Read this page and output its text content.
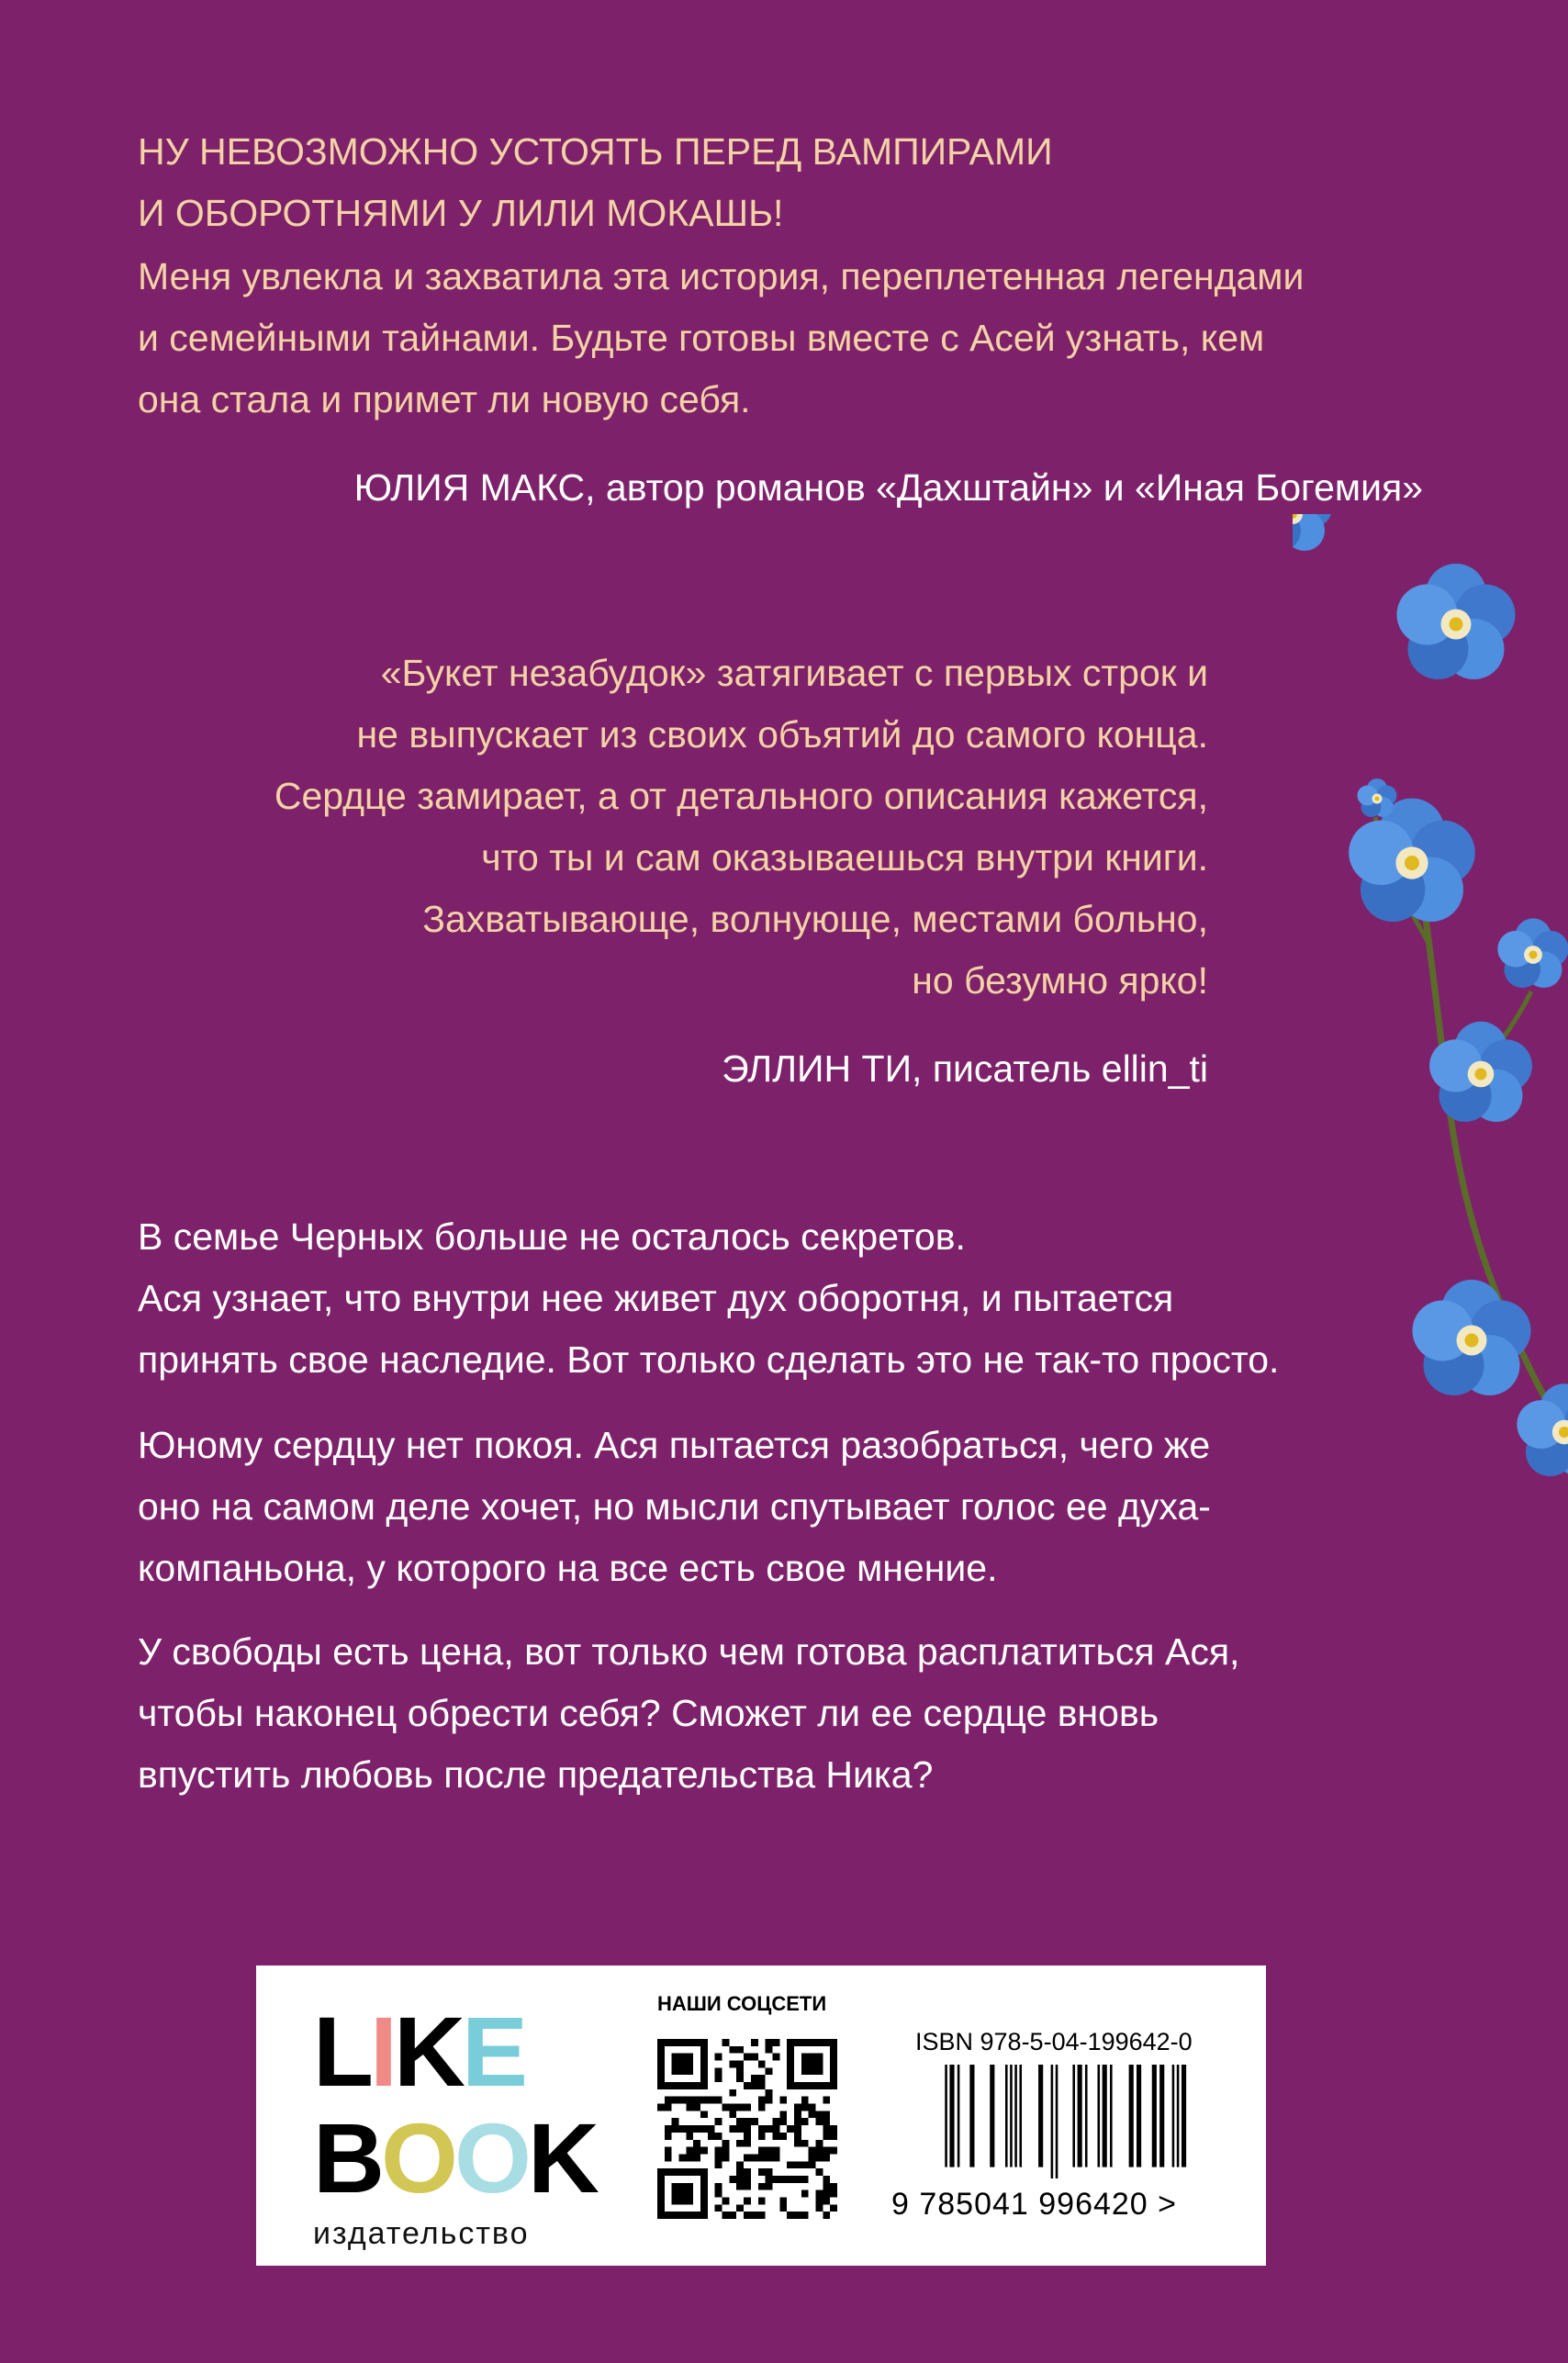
НУ НЕВОЗМОЖНО УСТОЯТЬ ПЕРЕД ВАМПИРАМИ
И ОБОРОТНЯМИ У ЛИЛИ МОКАШЬ!
Меня увлекла и захватила эта история, переплетенная легендами
и семейными тайнами. Будьте готовы вместе с Асей узнать, кем
она стала и примет ли новую себя.
ЮЛИЯ МАКС, автор романов «Дахштайн» и «Иная Богемия»
«Букет незабудок» затягивает с первых строк и
не выпускает из своих объятий до самого конца.
Сердце замирает, а от детального описания кажется,
что ты и сам оказываешься внутри книги.
Захватывающе, волнующе, местами больно,
но безумно ярко!
ЭЛЛИН ТИ, писатель ellin_ti
В семье Черных больше не осталось секретов.
Ася узнает, что внутри нее живет дух оборотня, и пытается
принять свое наследие. Вот только сделать это не так-то просто.
Юному сердцу нет покоя. Ася пытается разобраться, чего же
оно на самом деле хочет, но мысли спутывает голос ее духа-
компаньона, у которого на все есть свое мнение.
У свободы есть цена, вот только чем готова расплатиться Ася,
чтобы наконец обрести себя? Сможет ли ее сердце вновь
впустить любовь после предательства Ника?
LIKE
BOOK
издательство
НАШИ СОЦСЕТИ
ISBN 978-5-04-199642-0
9 785041 996420 >
